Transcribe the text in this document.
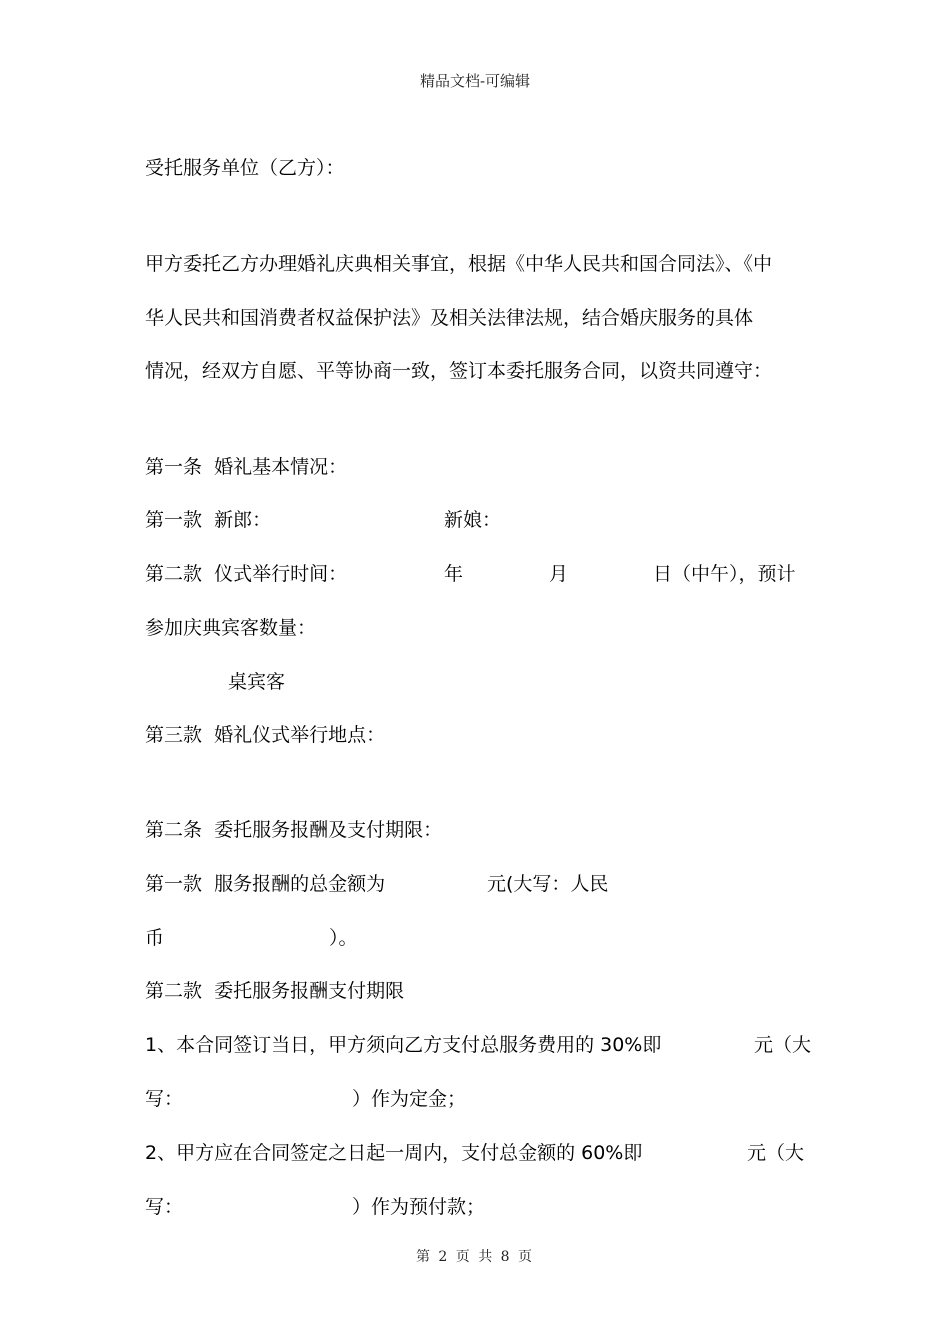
精品文档-可编辑
受托服务单位（乙方）：
甲方委托乙方办理婚礼庆典相关事宜，根据《中华人民共和国合同法》、《中
华人民共和国消费者权益保护法》及相关法律法规，结合婚庆服务的具体
情况，经双方自愿、平等协商一致，签订本委托服务合同，以资共同遵守：
第一条  婚礼基本情况：
第一款  新郎：	新娘：
第二款  仪式举行时间：	年	月	日（中午），预计
参加庆典宾客数量：
桌宾客
第三款  婚礼仪式举行地点：
第二条  委托服务报酬及支付期限：
第一款  服务报酬的总金额为	元(大写：人民
币	）。
第二款  委托服务报酬支付期限
1、本合同签订当日，甲方须向乙方支付总服务费用的 30%即	元（大
写：	）作为定金；
2、甲方应在合同签定之日起一周内，支付总金额的 60%即	元（大
写：	）作为预付款；
第 2 页 共 8 页
